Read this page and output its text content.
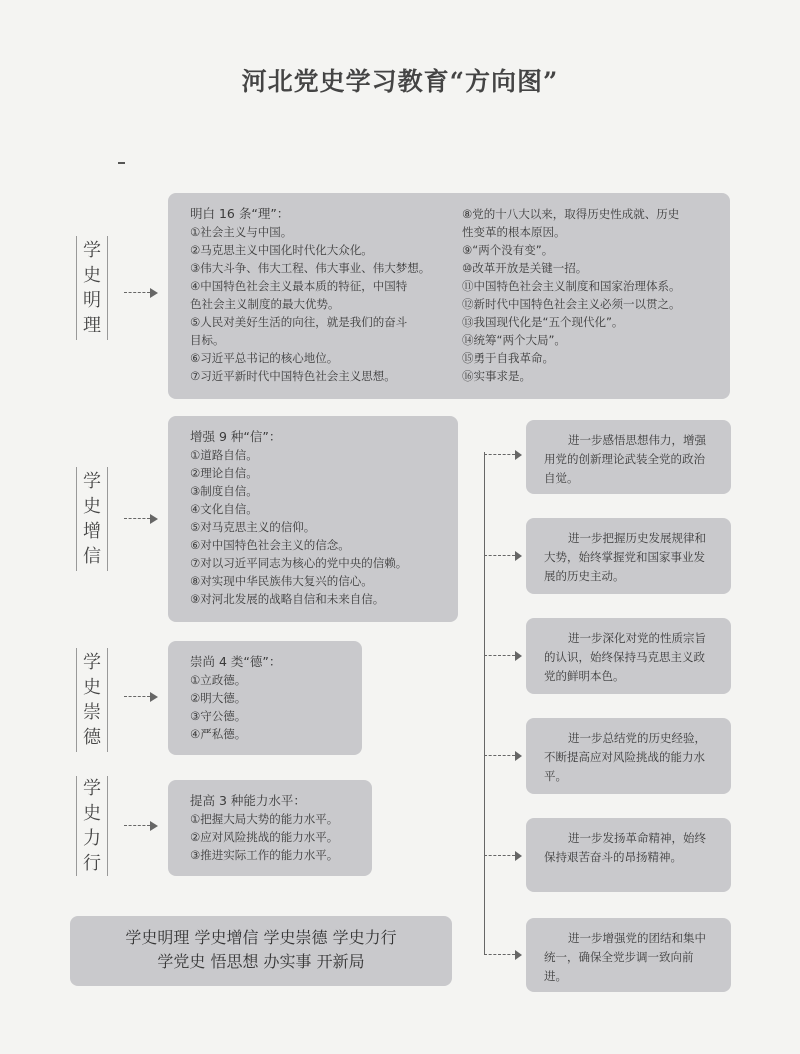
河北党史学习教育“方向图”
学史明理
学史增信
学史崇德
学史力行
明白 16 条“理”：
①社会主义与中国。
②马克思主义中国化时代化大众化。
③伟大斗争、伟大工程、伟大事业、伟大梦想。
④中国特色社会主义最本质的特征，中国特
色社会主义制度的最大优势。
⑤人民对美好生活的向往，就是我们的奋斗
目标。
⑥习近平总书记的核心地位。
⑦习近平新时代中国特色社会主义思想。
⑧党的十八大以来，取得历史性成就、历史
性变革的根本原因。
⑨“两个没有变”。
⑩改革开放是关键一招。
⑪中国特色社会主义制度和国家治理体系。
⑫新时代中国特色社会主义必须一以贯之。
⑬我国现代化是“五个现代化”。
⑭统筹“两个大局”。
⑮勇于自我革命。
⑯实事求是。
增强 9 种“信”：
①道路自信。
②理论自信。
③制度自信。
④文化自信。
⑤对马克思主义的信仰。
⑥对中国特色社会主义的信念。
⑦对以习近平同志为核心的党中央的信赖。
⑧对实现中华民族伟大复兴的信心。
⑨对河北发展的战略自信和未来自信。
崇尚 4 类“德”：
①立政德。
②明大德。
③守公德。
④严私德。
提高 3 种能力水平：
①把握大局大势的能力水平。
②应对风险挑战的能力水平。
③推进实际工作的能力水平。
进一步感悟思想伟力，增强用党的创新理论武装全党的政治自觉。
进一步把握历史发展规律和大势，始终掌握党和国家事业发展的历史主动。
进一步深化对党的性质宗旨的认识，始终保持马克思主义政党的鲜明本色。
进一步总结党的历史经验，不断提高应对风险挑战的能力水平。
进一步发扬革命精神，始终保持艰苦奋斗的昂扬精神。
进一步增强党的团结和集中统一，确保全党步调一致向前进。
学史明理 学史增信 学史崇德 学史力行
学党史 悟思想 办实事 开新局
